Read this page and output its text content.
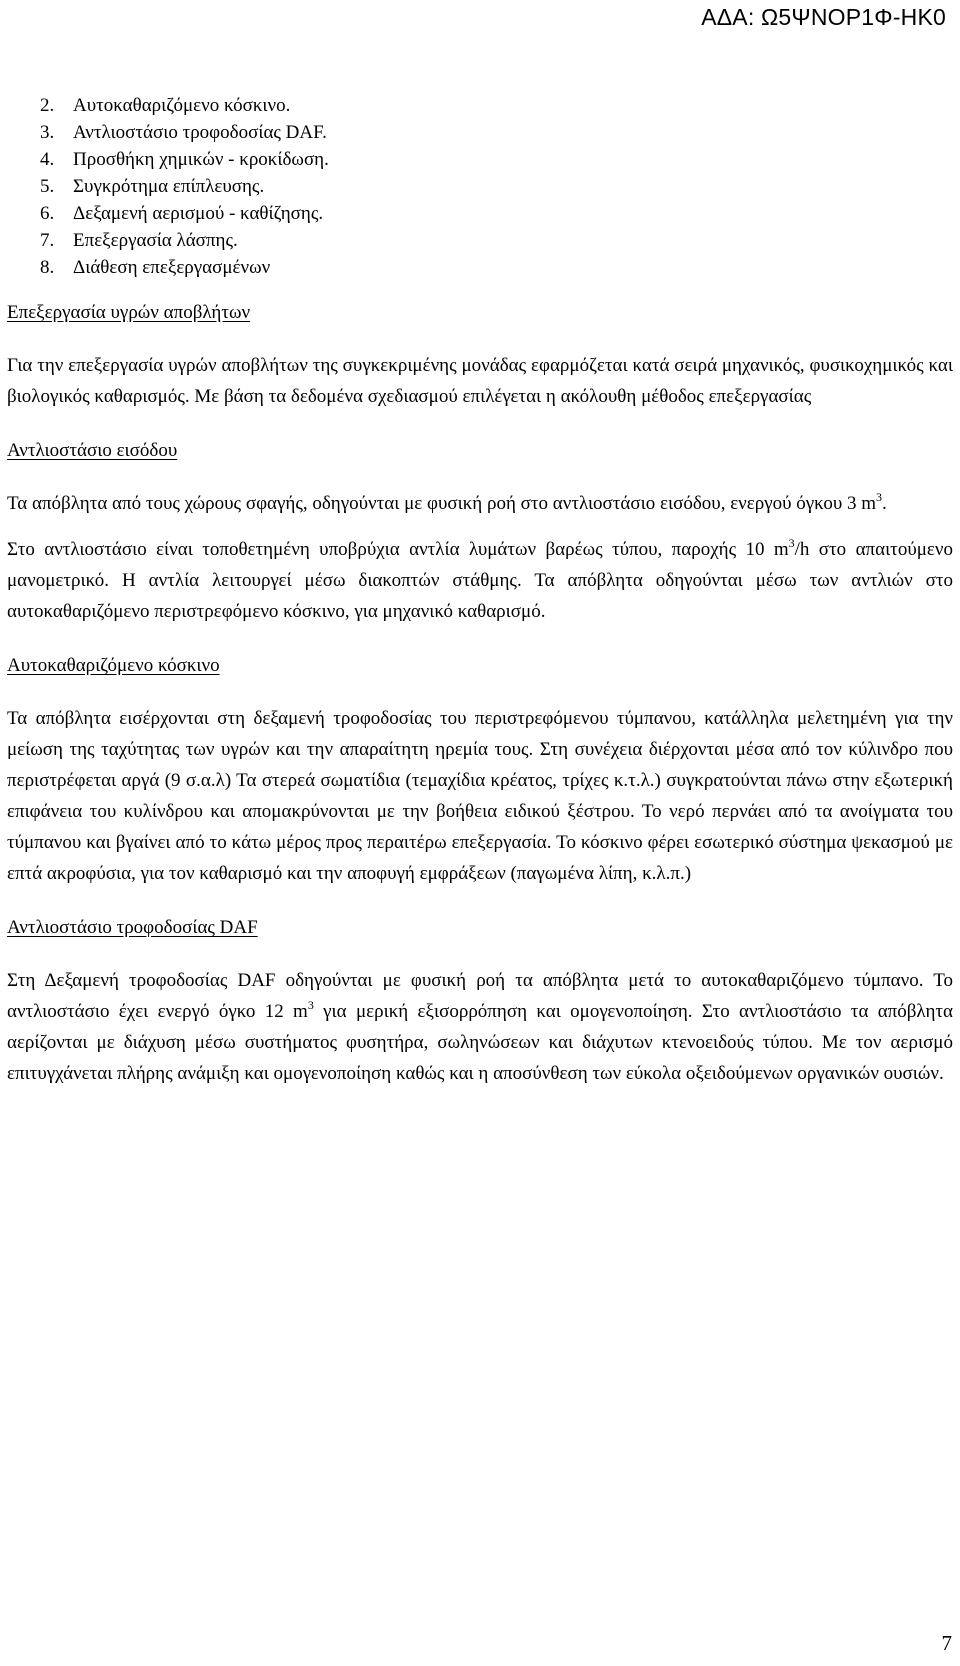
ΑΔΑ: Ω5ΨΝΟΡ1Φ-ΗΚ0
2. Αυτοκαθαριζόμενο κόσκινο.
3. Αντλιοστάσιο τροφοδοσίας DAF.
4. Προσθήκη χημικών - κροκίδωση.
5. Συγκρότημα επίπλευσης.
6. Δεξαμενή αερισμού - καθίζησης.
7. Επεξεργασία λάσπης.
8. Διάθεση επεξεργασμένων
Επεξεργασία υγρών αποβλήτων

Για την επεξεργασία υγρών αποβλήτων της συγκεκριμένης μονάδας εφαρμόζεται κατά σειρά μηχανικός, φυσικοχημικός και βιολογικός καθαρισμός. Με βάση τα δεδομένα σχεδιασμού επιλέγεται η ακόλουθη μέθοδος επεξεργασίας

Αντλιοστάσιο εισόδου

Τα απόβλητα από τους χώρους σφαγής, οδηγούνται με φυσική ροή στο αντλιοστάσιο εισόδου, ενεργού όγκου 3 $m^3$.

Στο αντλιοστάσιο είναι τοποθετημένη υποβρύχια αντλία λυμάτων βαρέως τύπου, παροχής 10 $m^3/h$ στο απαιτούμενο μανομετρικό. Η αντλία λειτουργεί μέσω διακοπτών στάθμης. Τα απόβλητα οδηγούνται μέσω των αντλιών στο αυτοκαθαριζόμενο περιστρεφόμενο κόσκινο, για μηχανικό καθαρισμό.

Αυτοκαθαριζόμενο κόσκινο

Τα απόβλητα εισέρχονται στη δεξαμενή τροφοδοσίας του περιστρεφόμενου τύμπανου, κατάλληλα μελετημένη για την μείωση της ταχύτητας των υγρών και την απαραίτητη ηρεμία τους. Στη συνέχεια διέρχονται μέσα από τον κύλινδρο που περιστρέφεται αργά (9 σ.α.λ) Τα στερεά σωματίδια (τεμαχίδια κρέατος, τρίχες κ.τ.λ.) συγκρατούνται πάνω στην εξωτερική επιφάνεια του κυλίνδρου και απομακρύνονται με την βοήθεια ειδικού ξέστρου. Το νερό περνάει από τα ανοίγματα του τύμπανου και βγαίνει από το κάτω μέρος προς περαιτέρω επεξεργασία. Το κόσκινο φέρει εσωτερικό σύστημα ψεκασμού με επτά ακροφύσια, για τον καθαρισμό και την αποφυγή εμφράξεων (παγωμένα λίπη, κ.λ.π.)

Αντλιοστάσιο τροφοδοσίας DAF

Στη Δεξαμενή τροφοδοσίας DAF οδηγούνται με φυσική ροή τα απόβλητα μετά το αυτοκαθαριζόμενο τύμπανο. Το αντλιοστάσιο έχει ενεργό όγκο 12 $m^3$ για μερική εξισορρόπηση και ομογενοποίηση. Στο αντλιοστάσιο τα απόβλητα αερίζονται με διάχυση μέσω συστήματος φυσητήρα, σωληνώσεων και διάχυτων κτενοειδούς τύπου. Με τον αερισμό επιτυγχάνεται πλήρης ανάμιξη και ομογενοποίηση καθώς και η αποσύνθεση των εύκολα οξειδούμενων οργανικών ουσιών.

7
